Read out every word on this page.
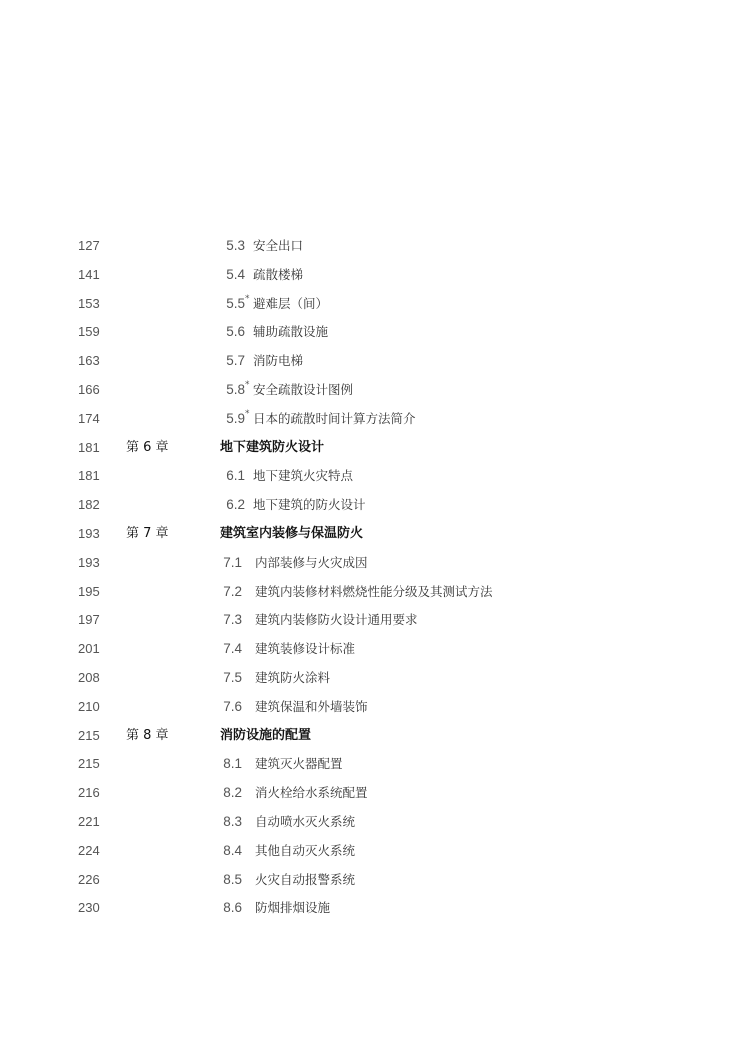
127	5.3 安全出口
141	5.4 疏散楼梯
153	5.5 * 避难层（间）
159	5.6 辅助疏散设施
163	5.7 消防电梯
166	5.8 * 安全疏散设计图例
174	5.9 * 日本的疏散时间计算方法简介
181 第 6 章	地下建筑防火设计
181	6.1 地下建筑火灾特点
182	6.2 地下建筑的防火设计
193 第 7 章	建筑室内装修与保温防火
193	7.1 内部装修与火灾成因
195	7.2 建筑内装修材料燃烧性能分级及其测试方法
197	7.3 建筑内装修防火设计通用要求
201	7.4 建筑装修设计标准
208	7.5 建筑防火涂料
210	7.6 建筑保温和外墙装饰
215 第 8 章	消防设施的配置
215	8.1 建筑灭火器配置
216	8.2 消火栓给水系统配置
221	8.3 自动喷水灭火系统
224	8.4 其他自动灭火系统
226	8.5 火灾自动报警系统
230	8.6 防烟排烟设施
